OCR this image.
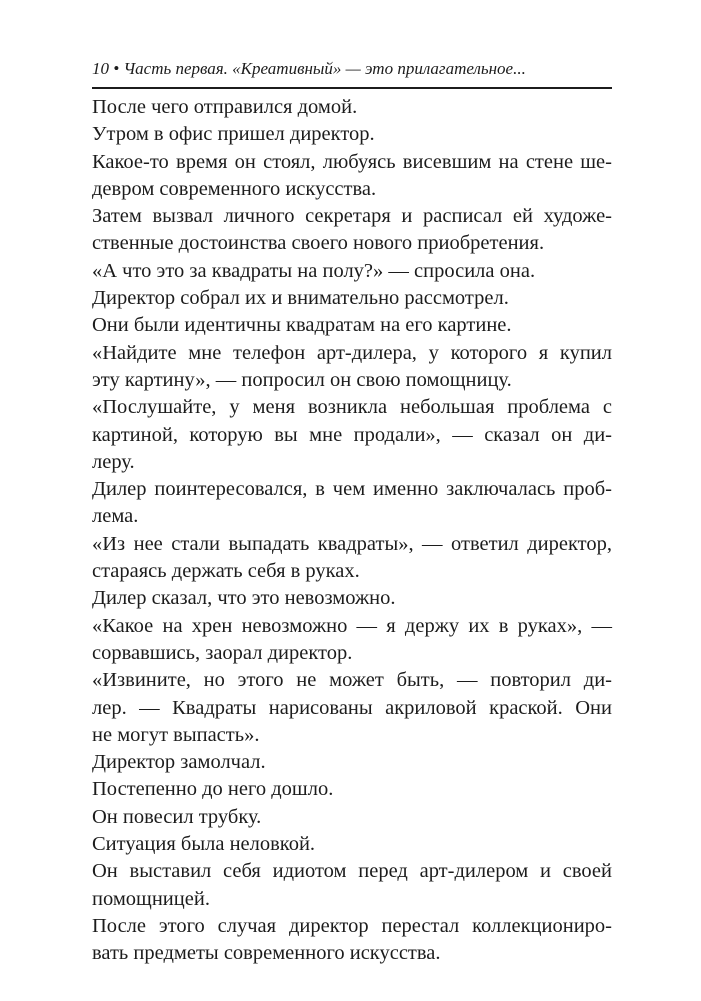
10 • Часть первая. «Креативный» — это прилагательное...
После чего отправился домой.
Утром в офис пришел директор.
Какое-то время он стоял, любуясь висевшим на стене ше-
девром современного искусства.
Затем вызвал личного секретаря и расписал ей художе-
ственные достоинства своего нового приобретения.
«А что это за квадраты на полу?» — спросила она.
Директор собрал их и внимательно рассмотрел.
Они были идентичны квадратам на его картине.
«Найдите мне телефон арт-дилера, у которого я купил
эту картину», — попросил он свою помощницу.
«Послушайте, у меня возникла небольшая проблема с
картиной, которую вы мне продали», — сказал он ди-
леру.
Дилер поинтересовался, в чем именно заключалась проб-
лема.
«Из нее стали выпадать квадраты», — ответил директор,
стараясь держать себя в руках.
Дилер сказал, что это невозможно.
«Какое на хрен невозможно — я держу их в руках», —
сорвавшись, заорал директор.
«Извините, но этого не может быть, — повторил ди-
лер. — Квадраты нарисованы акриловой краской. Они
не могут выпасть».
Директор замолчал.
Постепенно до него дошло.
Он повесил трубку.
Ситуация была неловкой.
Он выставил себя идиотом перед арт-дилером и своей
помощницей.
После этого случая директор перестал коллекциониро-
вать предметы современного искусства.
